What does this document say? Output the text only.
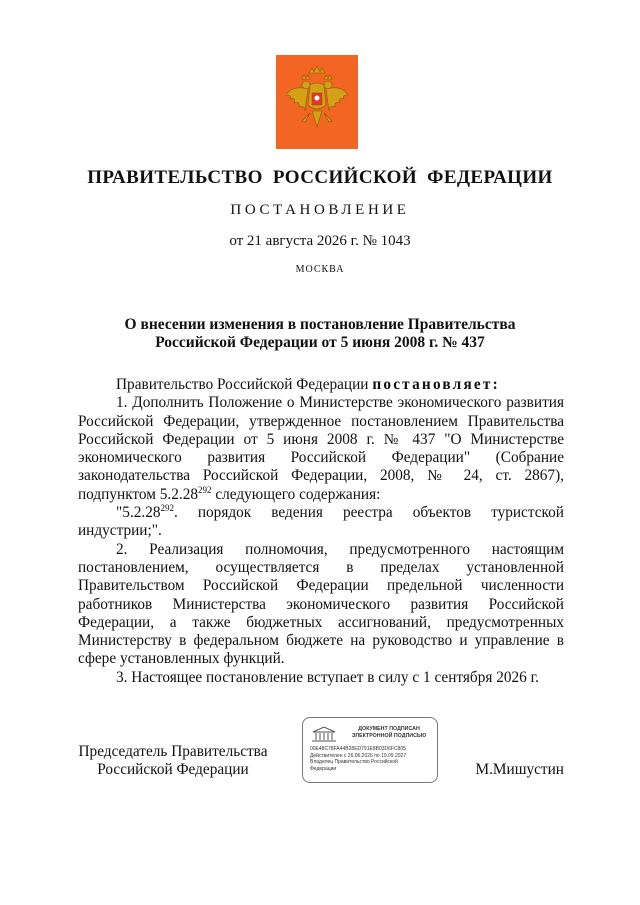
ПРАВИТЕЛЬСТВО РОССИЙСКОЙ ФЕДЕРАЦИИ
ПОСТАНОВЛЕНИЕ
от 21 августа 2026 г. № 1043
МОСКВА
О внесении изменения в постановление Правительства
Российской Федерации от 5 июня 2008 г. № 437

Правительство Российской Федерации постановляет:

1. Дополнить Положение о Министерстве экономического развития Российской Федерации, утвержденное постановлением Правительства Российской Федерации от 5 июня 2008 г. № 437 "О Министерстве экономического развития Российской Федерации" (Собрание законодательства Российской Федерации, 2008, № 24, ст. 2867), подпунктом 5.2.28$^{292}$ следующего содержания:

"5.2.28$^{292}$. порядок ведения реестра объектов туристской индустрии;".

2. Реализация полномочия, предусмотренного настоящим постановлением, осуществляется в пределах установленной Правительством Российской Федерации предельной численности работников Министерства экономического развития Российской Федерации, а также бюджетных ассигнований, предусмотренных Министерству в федеральном бюджете на руководство и управление в сфере установленных функций.

3. Настоящее постановление вступает в силу с 1 сентября 2026 г.

Председатель Правительства
Российской Федерации
ДОКУМЕНТ ПОДПИСАН
ЭЛЕКТРОННОЙ ПОДПИСЬЮ
00E48C78FA44B28ED791E8B03D6FC805
Действителен с 26.06.2026 по 19.09.2027
Владелец Правительство Российской
Федерации	М.Мишустин
